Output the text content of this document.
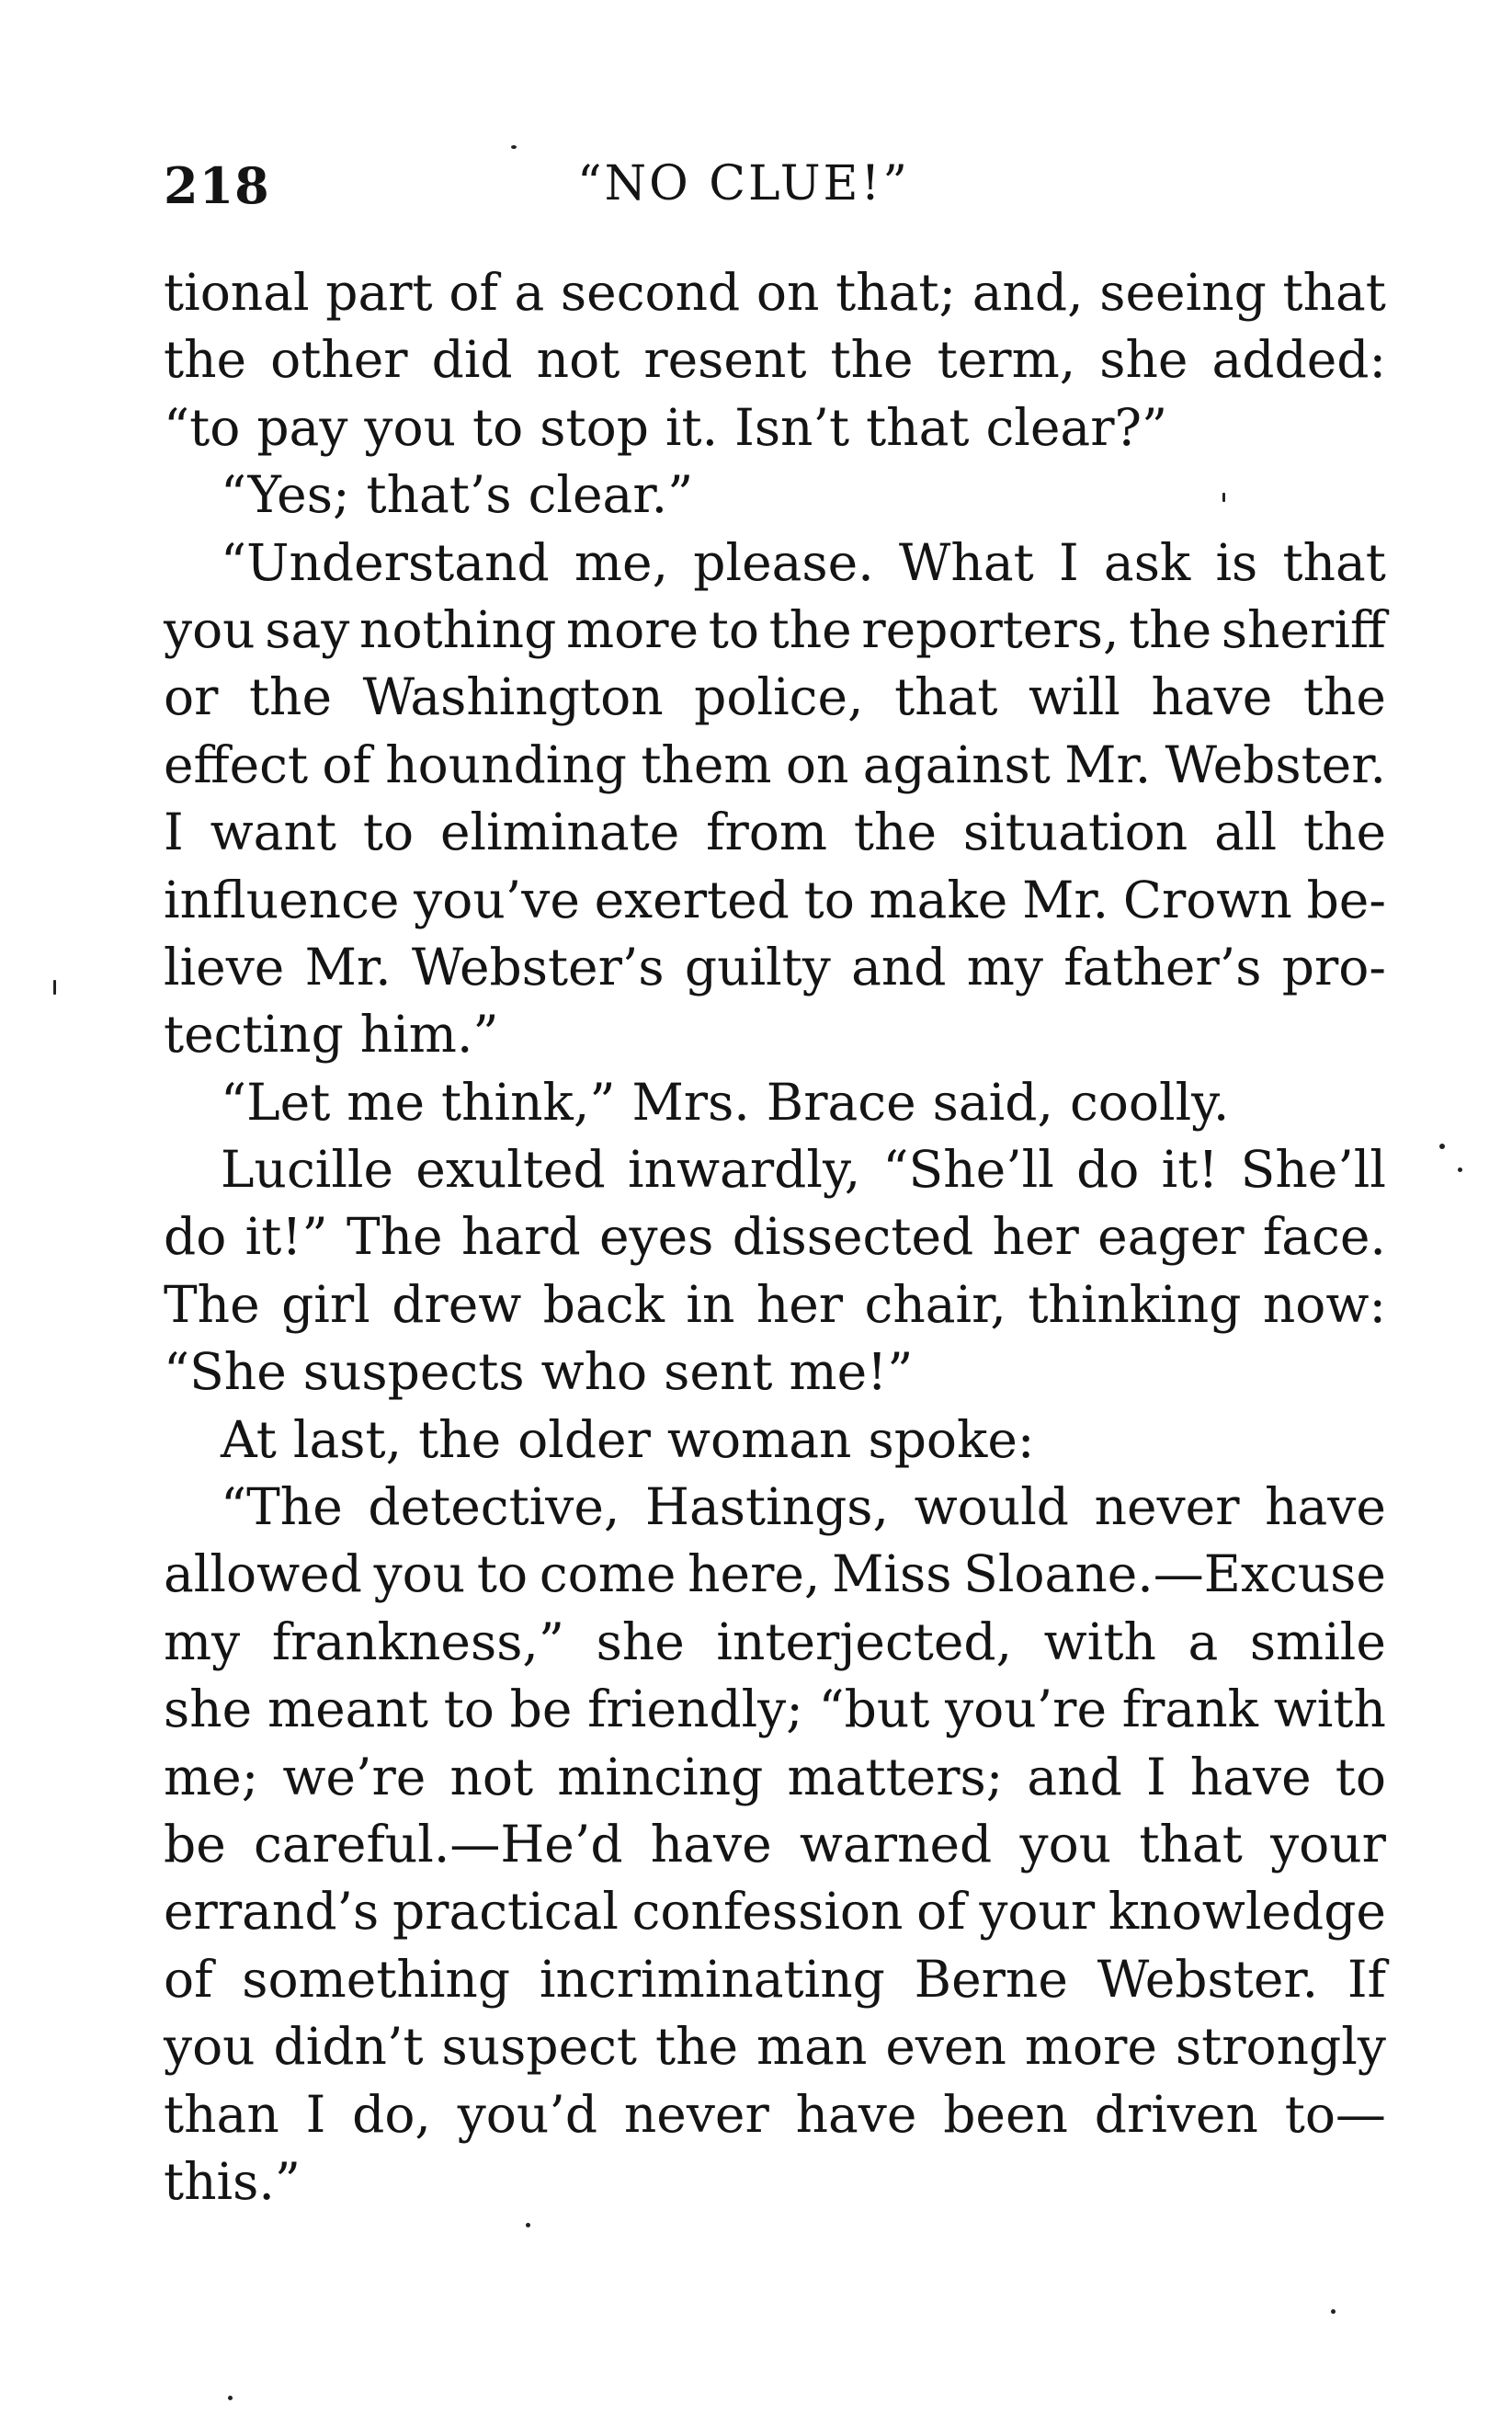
218	“NO CLUE!”
tional part of a second on that; and, seeing that
the other did not resent the term, she added:
“to pay you to stop it. Isn’t that clear?”
“Yes; that’s clear.”
“Understand me, please. What I ask is that
you say nothing more to the reporters, the sheriff
or the Washington police, that will have the
effect of hounding them on against Mr. Webster.
I want to eliminate from the situation all the
influence you’ve exerted to make Mr. Crown be-
lieve Mr. Webster’s guilty and my father’s pro-
tecting him.”
“Let me think,” Mrs. Brace said, coolly.
Lucille exulted inwardly, “She’ll do it! She’ll
do it!” The hard eyes dissected her eager face.
The girl drew back in her chair, thinking now:
“She suspects who sent me!”
At last, the older woman spoke:
“The detective, Hastings, would never have
allowed you to come here, Miss Sloane.—Excuse
my frankness,” she interjected, with a smile
she meant to be friendly; “but you’re frank with
me; we’re not mincing matters; and I have to
be careful.—He’d have warned you that your
errand’s practical confession of your knowledge
of something incriminating Berne Webster. If
you didn’t suspect the man even more strongly
than I do, you’d never have been driven to—
this.”
